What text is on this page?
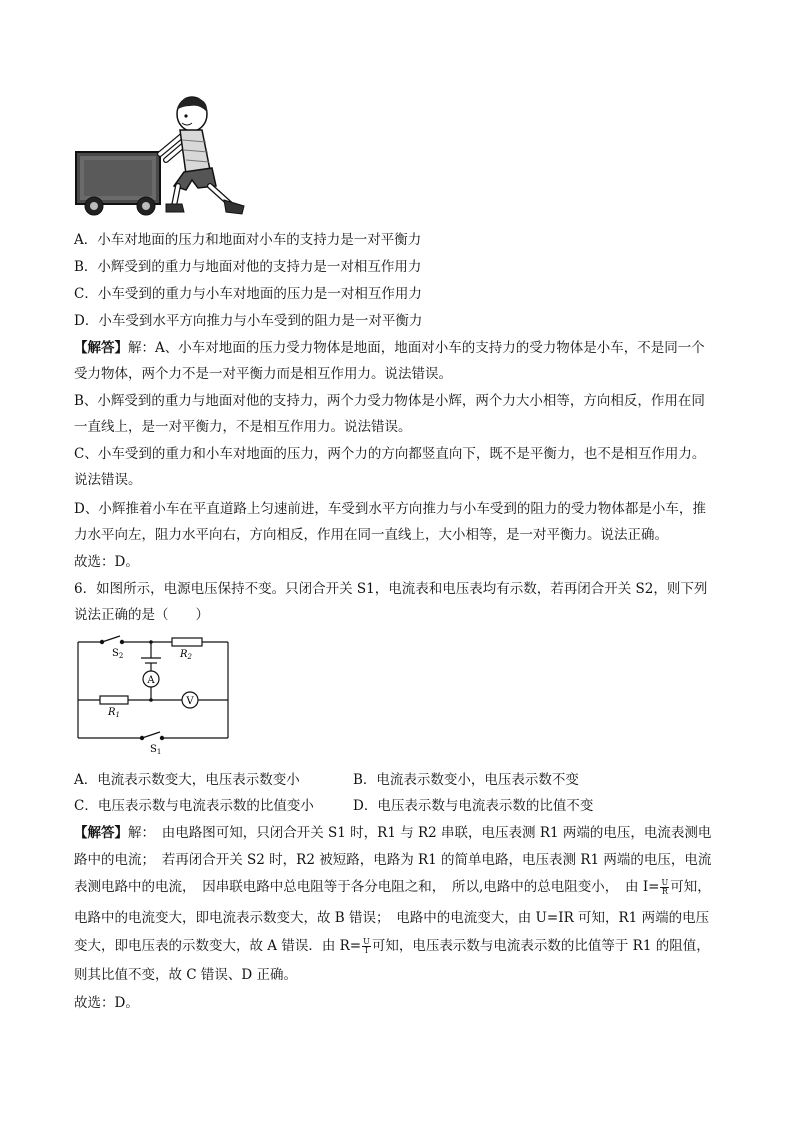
A．小车对地面的压力和地面对小车的支持力是一对平衡力
B．小辉受到的重力与地面对他的支持力是一对相互作用力
C．小车受到的重力与小车对地面的压力是一对相互作用力
D．小车受到水平方向推力与小车受到的阻力是一对平衡力
【解答】解：A、小车对地面的压力受力物体是地面，地面对小车的支持力的受力物体是小车，不是同一个
受力物体，两个力不是一对平衡力而是相互作用力。说法错误。
B、小辉受到的重力与地面对他的支持力，两个力受力物体是小辉，两个力大小相等，方向相反，作用在同
一直线上，是一对平衡力，不是相互作用力。说法错误。
C、小车受到的重力和小车对地面的压力，两个力的方向都竖直向下，既不是平衡力，也不是相互作用力。
说法错误。
D、小辉推着小车在平直道路上匀速前进，车受到水平方向推力与小车受到的阻力的受力物体都是小车，推
力水平向左，阻力水平向右，方向相反，作用在同一直线上，大小相等，是一对平衡力。说法正确。
故选：D。
6．如图所示，电源电压保持不变。只闭合开关 S1，电流表和电压表均有示数，若再闭合开关 S2，则下列
说法正确的是（　　）
A
V
$S_2$	$R_2$
$R_1$
$S_1$
A．电流表示数变大，电压表示数变小	B．电流表示数变小，电压表示数不变
C．电压表示数与电流表示数的比值变小	D．电压表示数与电流表示数的比值不变
【解答】解：　由电路图可知，只闭合开关 S1 时，R1 与 R2 串联，电压表测 R1 两端的电压，电流表测电
路中的电流；　若再闭合开关 S2 时，R2 被短路，电路为 R1 的简单电路，电压表测 R1 两端的电压，电流
表测电路中的电流，　因串联电路中总电阻等于各分电阻之和，　所以,电路中的总电阻变小，　由 $I= \frac{U}{R}$ 可知，
电路中的电流变大，即电流表示数变大，故 B 错误；　电路中的电流变大，由 U=IR 可知，R1 两端的电压
变大，即电压表的示数变大，故 A 错误．由 $R= \frac{U}{I}$ 可知，电压表示数与电流表示数的比值等于 R1 的阻值，
则其比值不变，故 C 错误、D 正确。
故选：D。
